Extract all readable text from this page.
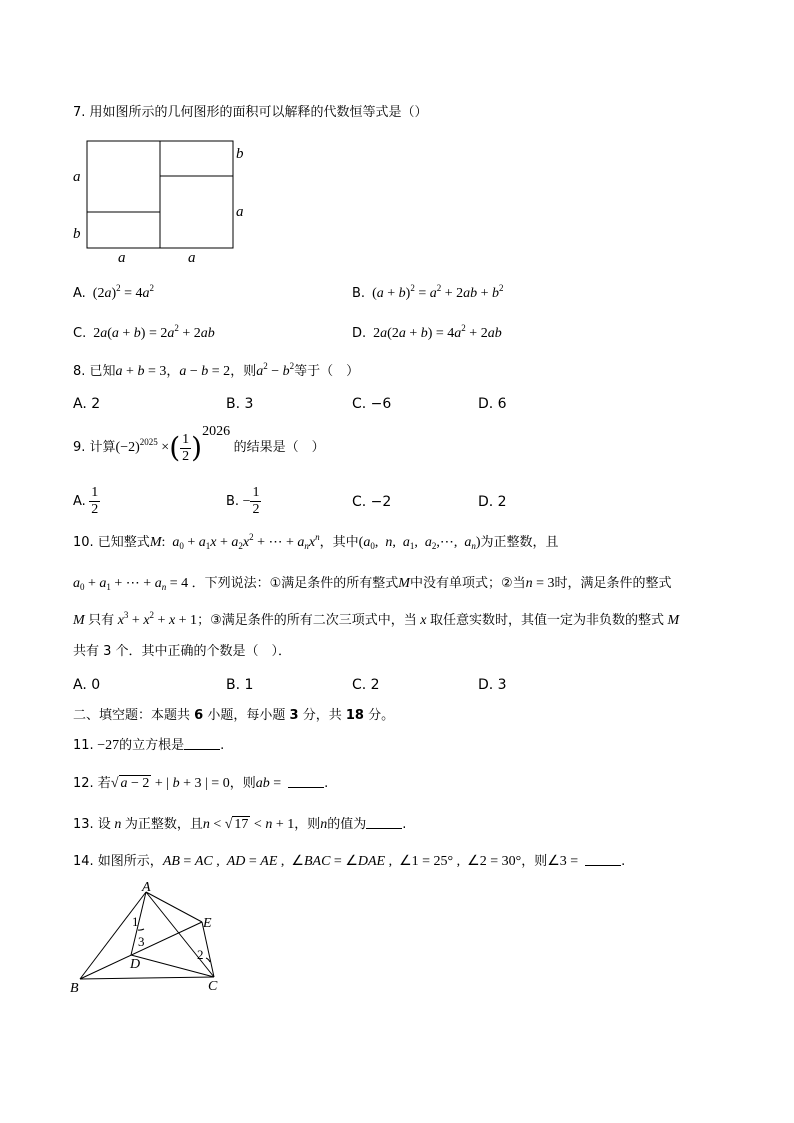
7. 用如图所示的几何图形的面积可以解释的代数恒等式是（）
a
b
b
a
a	a
A.  $(2a)^2 = 4a^2$	B.  $(a + b)^2 = a^2 + 2ab + b^2$
C.  $2a(a + b) = 2a^2 + 2ab$	D.  $2a(2a + b) = 4a^2 + 2ab$
8. 已知a + b = 3，a − b = 2，则$a^2 - b^2$等于（　）
A. 2	B. 3	C. −6	D. 6
9. 计算$(-2)^{2025}$ ×( $\frac{1}{2} )^{2026}$ 的结果是（　）
A. $\frac{1}{2}$	B. − $\frac{1}{2}$	C. −2	D. 2
10. 已知整式M:  $a_0 + a_1x + a_2x^2$ + ⋯ + $a_nx^n$，其中($a_0$,  n,  $a_1$,  $a_2,\cdots$,  $a_n$)为正整数，且
$a_0 + a_1$ + ⋯ + $a_n = 4$ ．下列说法：①满足条件的所有整式M中没有单项式；②当n = 3时，满足条件的整式
M 只有 $x^3 + x^2 + x + 1$；③满足条件的所有二次三项式中，当 x 取任意实数时，其值一定为非负数的整式 M
共有 3 个．其中正确的个数是（　）．
A. 0	B. 1	C. 2	D. 3
二、填空题：本题共 6 小题，每小题 3 分，共 18 分。
11. −27的立方根是	.
12. 若√ a − 2 + | b + 3 | = 0，则ab =	.
13. 设 n 为正整数，且n < √ 17 < n + 1，则n的值为	.
14. 如图所示，AB = AC ,  AD = AE ,  ∠BAC = ∠DAE ,  ∠1 = 25° ,  ∠2 = 30°，则∠3 =	.
A
B	C
D
E
1
2
3
